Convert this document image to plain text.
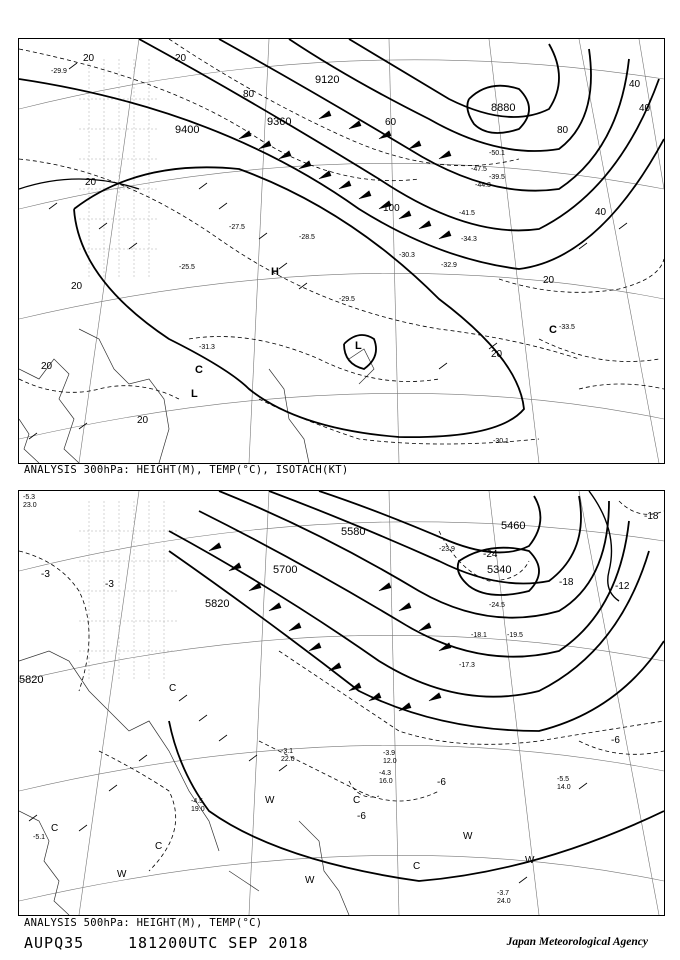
9120
9360
9400
8880
20	20
20
20
20
20
20
20
40
40
40
60
80
80
100
H
L
L
C
C
-29.9
-31.3
-29.5
-27.5
-33.5
-39.5
-41.5
-34.3
-30.3
-32.9
-47.5
-50.1
-44.3
-30.1
-25.5
-28.5
ANALYSIS 300hPa: HEIGHT(M), TEMP(°C), ISOTACH(KT)
5700
5820
5580	5460
5340
5820
-3
-3
-6
-6
-6
-12
-18
-18
-24
W
W
W
W
W
C
C
C
C
C
-5.3
23.0
-5.5
14.0
-3.7
24.0
-4.3
16.0
-3.9
12.0
-5.1
-4.5
19.0
-3.1
22.0
-23.9
-24.5
-17.3
-18.1	-19.5
ANALYSIS 500hPa: HEIGHT(M), TEMP(°C)
AUPQ35	181200UTC SEP 2018	Japan Meteorological Agency
